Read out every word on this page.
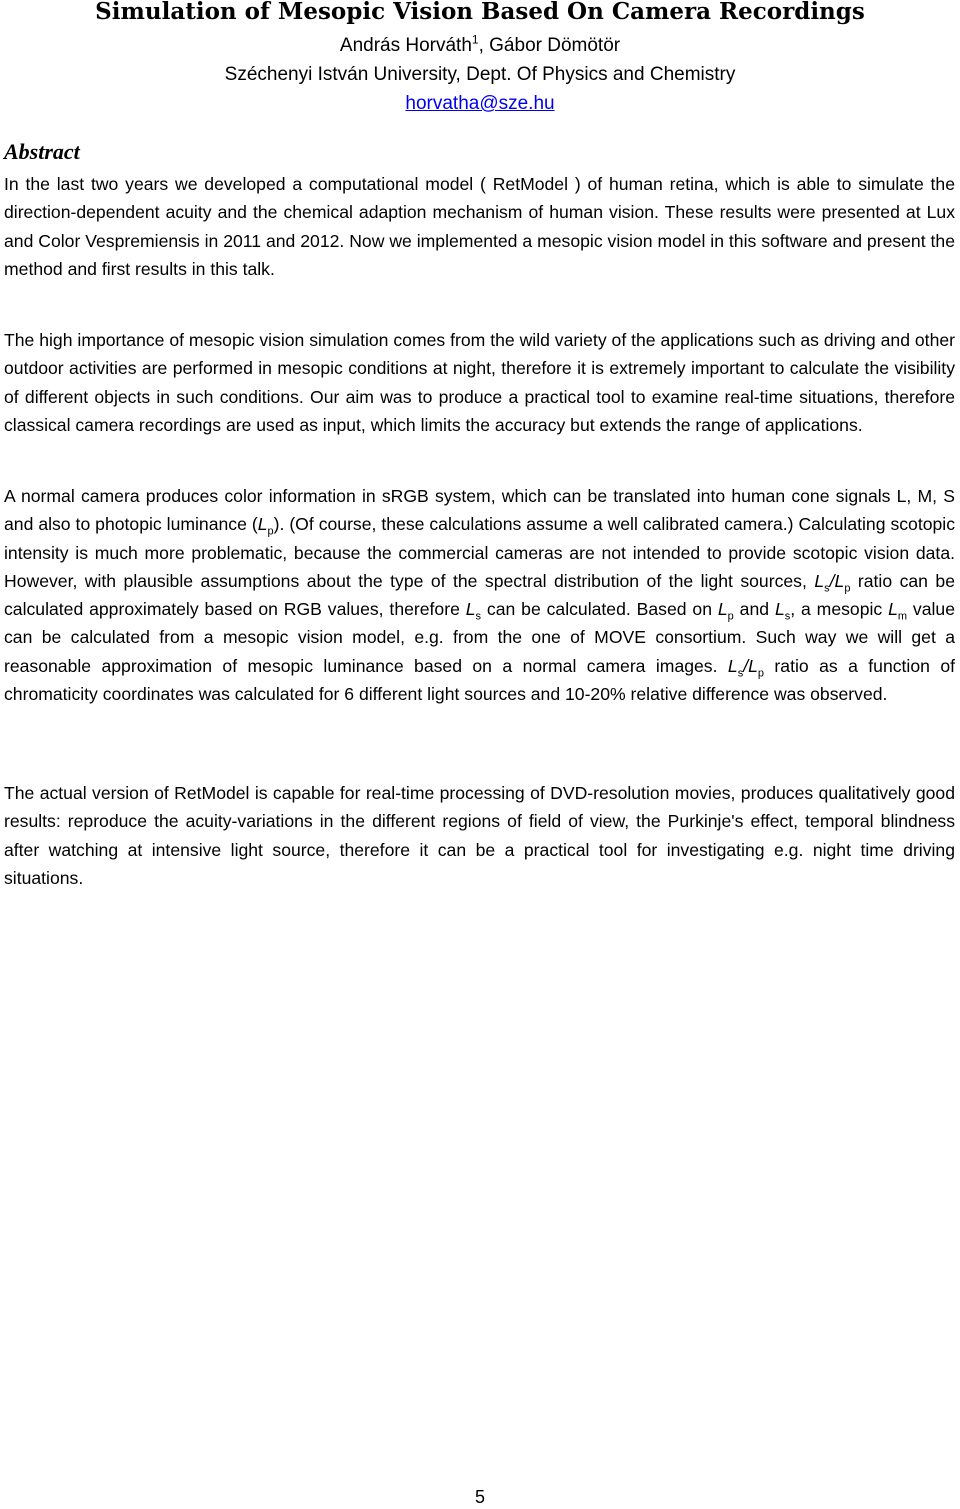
Simulation of Mesopic Vision Based On Camera Recordings
András Horváth$^1$, Gábor Dömötör
Széchenyi István University, Dept. Of Physics and Chemistry
horvatha@sze.hu
Abstract
In the last two years we developed a computational model ( RetModel ) of human retina, which is able to simulate the direction-dependent acuity and the chemical adaption mechanism of human vision. These results were presented at Lux and Color Vespremiensis in 2011 and 2012. Now we implemented a mesopic vision model in this software and present the method and first results in this talk.
The high importance of mesopic vision simulation comes from the wild variety of the applications such as driving and other outdoor activities are performed in mesopic conditions at night, therefore it is extremely important to calculate the visibility of different objects in such conditions. Our aim was to produce a practical tool to examine real-time situations, therefore classical camera recordings are used as input, which limits the accuracy but extends the range of applications.
A normal camera produces color information in sRGB system, which can be translated into human cone signals L, M, S and also to photopic luminance $(L_p)$. (Of course, these calculations assume a well calibrated camera.) Calculating scotopic intensity is much more problematic, because the commercial cameras are not intended to provide scotopic vision data. However, with plausible assumptions about the type of the spectral distribution of the light sources, $L_s/L_p$ ratio can be calculated approximately based on RGB values, therefore $L_s$ can be calculated. Based on $L_p$ and $L_s$, a mesopic $L_m$ value can be calculated from a mesopic vision model, e.g. from the one of MOVE consortium. Such way we will get a reasonable approximation of mesopic luminance based on a normal camera images. $L_s/L_p$ ratio as a function of chromaticity coordinates was calculated for 6 different light sources and 10-20% relative difference was observed.
The actual version of RetModel is capable for real-time processing of DVD-resolution movies, produces qualitatively good results: reproduce the acuity-variations in the different regions of field of view, the Purkinje's effect, temporal blindness after watching at intensive light source, therefore it can be a practical tool for investigating e.g. night time driving situations.
5
